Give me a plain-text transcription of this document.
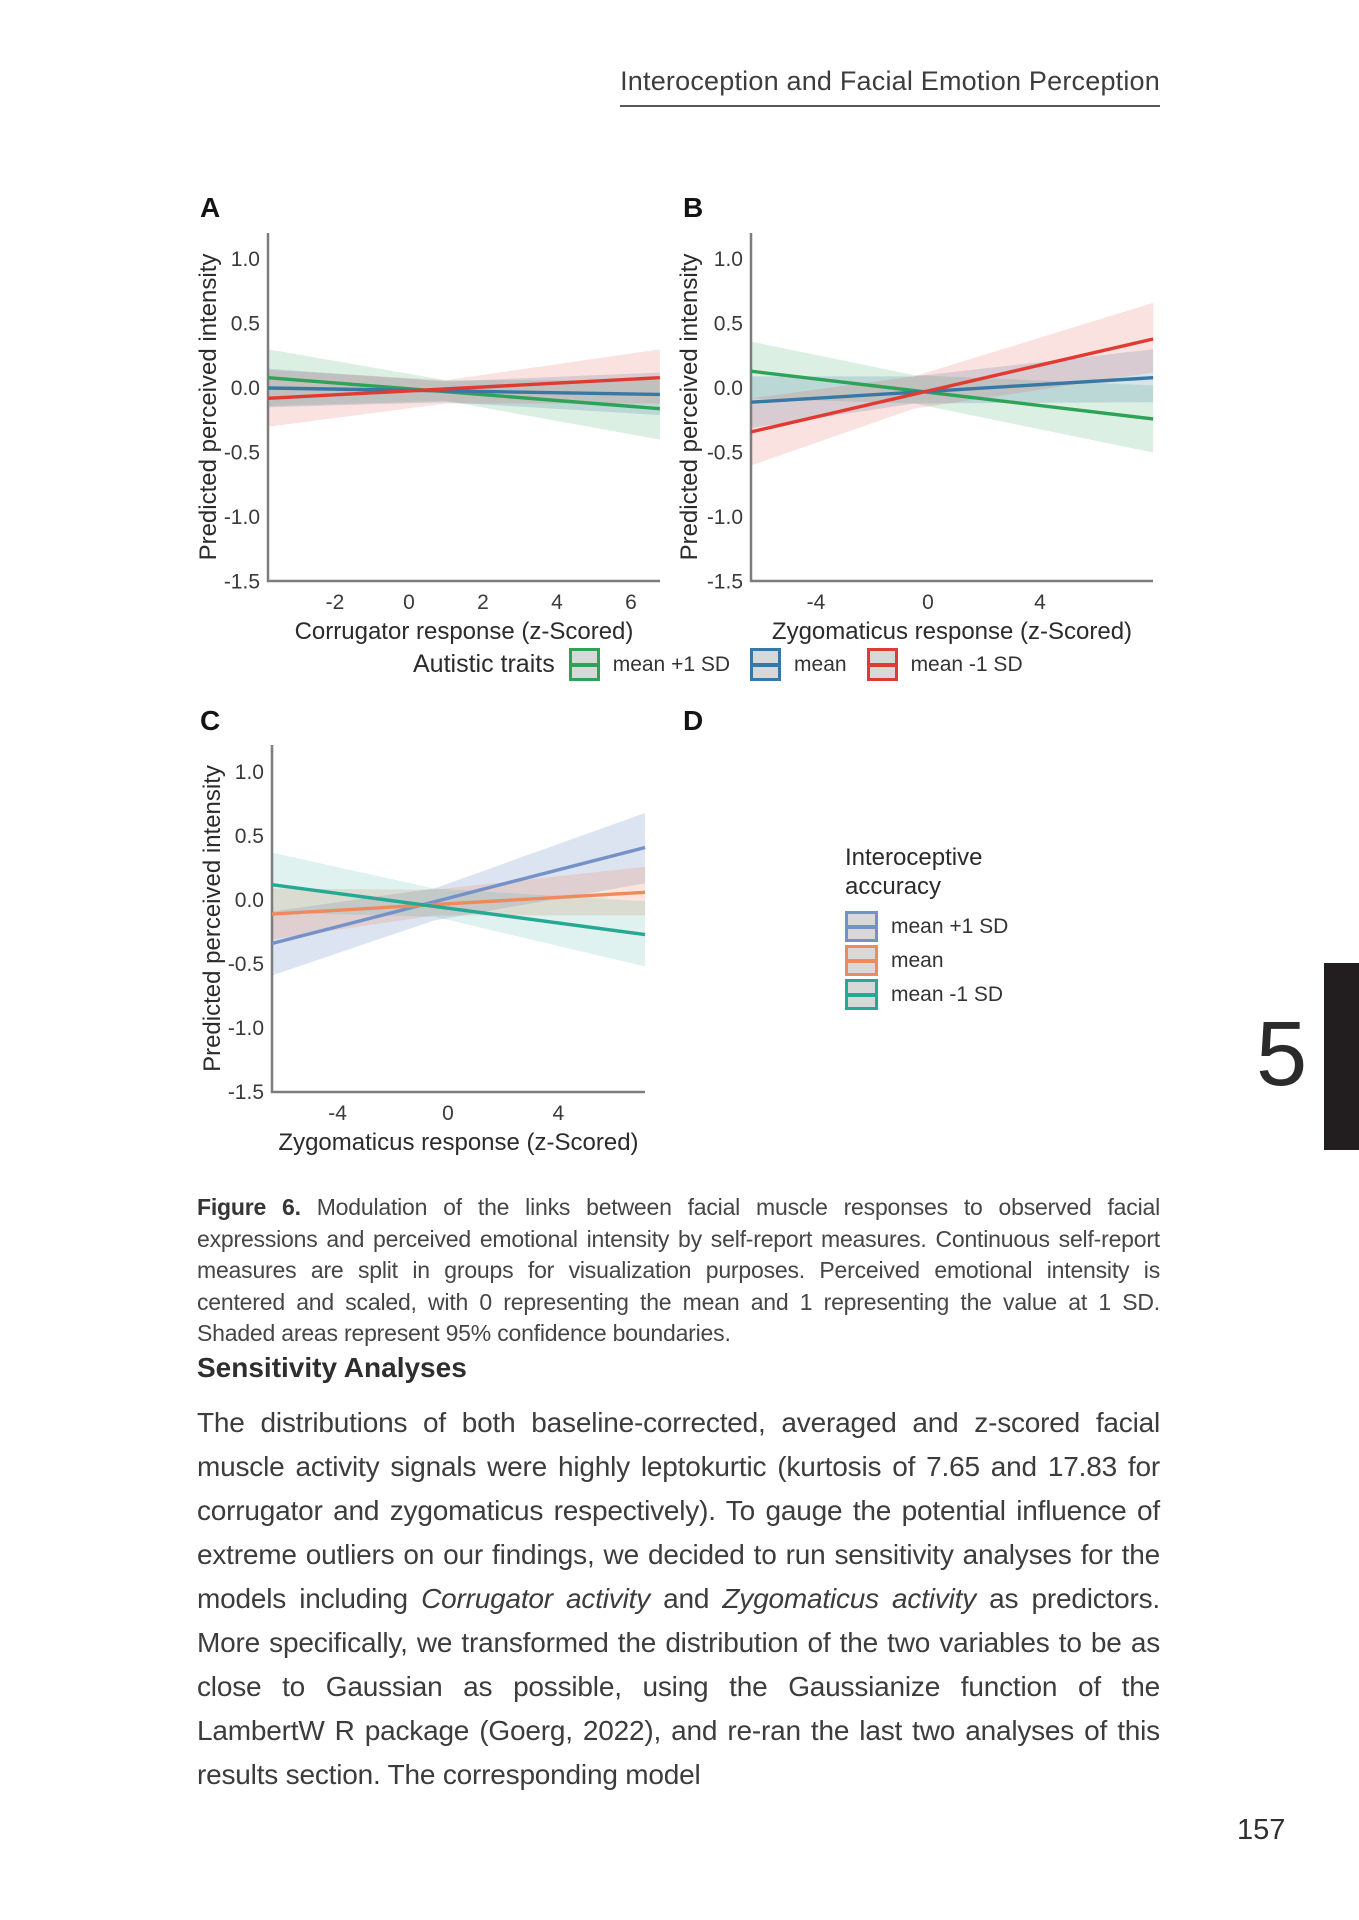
Interoception and Facial Emotion Perception
1.0
0.5
0.0
-0.5
-1.0
-1.5
-2	0	2	4	6
Corrugator response (z-Scored)
Predicted perceived intensity	1.0
0.5
0.0
-0.5
-1.0
-1.5
-4	0	4
Zygomaticus response (z-Scored)
Predicted perceived intensity
1.0
0.5
0.0
-0.5
-1.0
-1.5
-4	0	4
Zygomaticus response (z-Scored)
Predicted perceived intensity
A	B
C	D
Autistic traits	mean +1 SD	mean	mean -1 SD
Interoceptive accuracy
mean +1 SD
mean
mean -1 SD
5

Figure 6. Modulation of the links between facial muscle responses to observed facial expressions and perceived emotional intensity by self-report measures. Continuous self-report measures are split in groups for visualization purposes. Perceived emotional intensity is centered and scaled, with 0 representing the mean and 1 representing the value at 1 SD. Shaded areas represent 95% confidence boundaries.

Sensitivity Analyses

The distributions of both baseline-corrected, averaged and z-scored facial muscle activity signals were highly leptokurtic (kurtosis of 7.65 and 17.83 for corrugator and zygomaticus respectively). To gauge the potential influence of extreme outliers on our findings, we decided to run sensitivity analyses for the models including Corrugator activity and Zygomaticus activity as predictors. More specifically, we transformed the distribution of the two variables to be as close to Gaussian as possible, using the Gaussianize function of the LambertW R package (Goerg, 2022), and re-ran the last two analyses of this results section. The corresponding model

157
